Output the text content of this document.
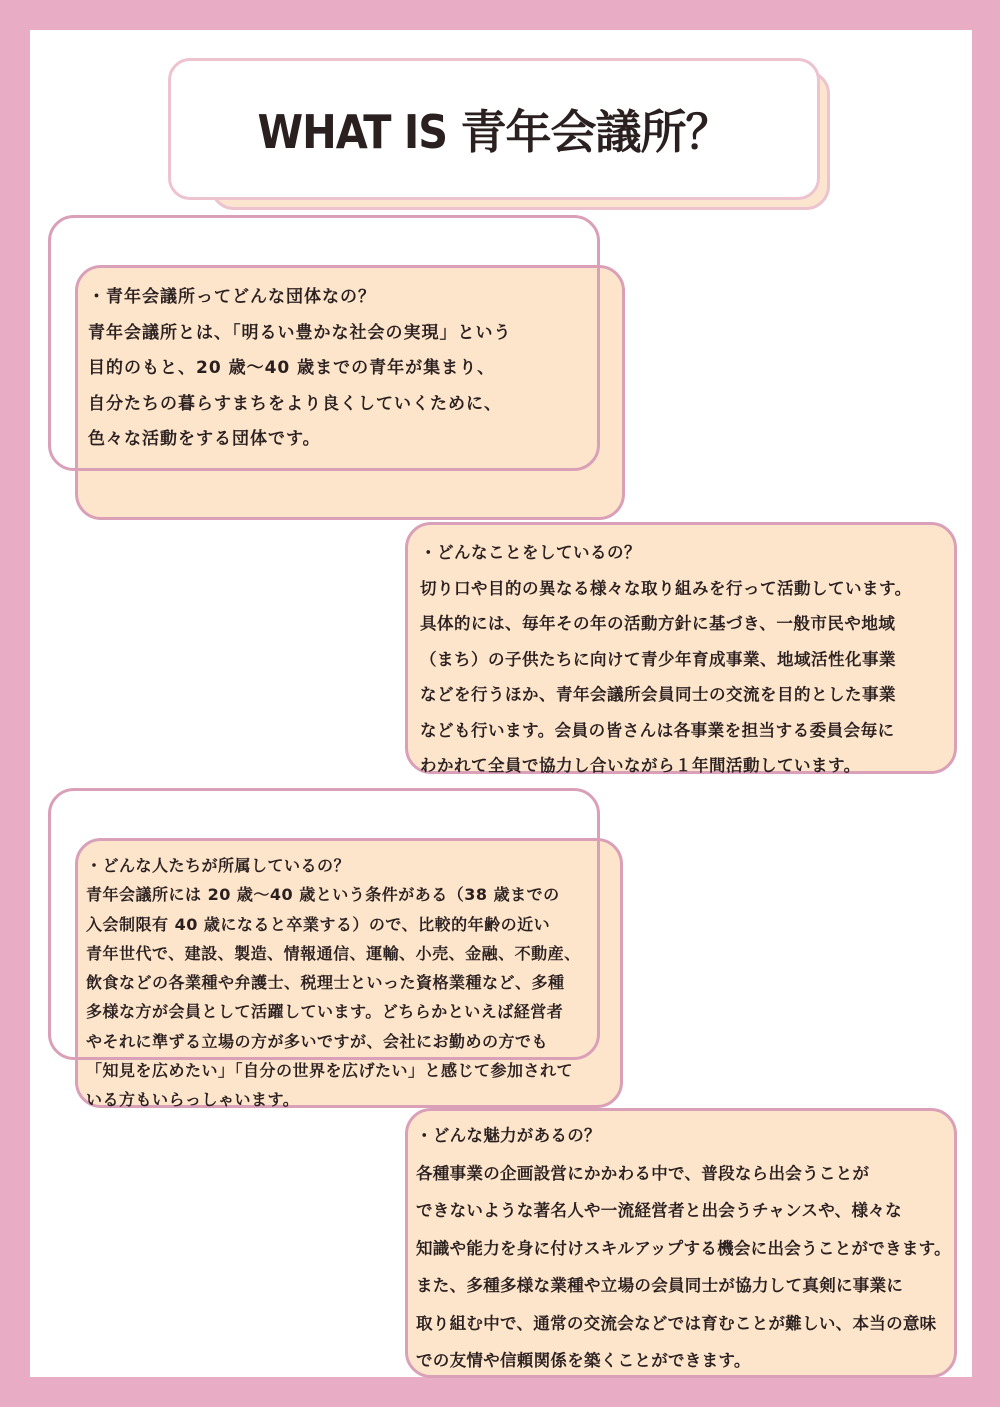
WHAT IS 青年会議所？
・青年会議所ってどんな団体なの？
青年会議所とは、「明るい豊かな社会の実現」という
目的のもと、20 歳～40 歳までの青年が集まり、
自分たちの暮らすまちをより良くしていくために、
色々な活動をする団体です。
・どんなことをしているの？
切り口や目的の異なる様々な取り組みを行って活動しています。
具体的には、毎年その年の活動方針に基づき、一般市民や地域
（まち）の子供たちに向けて青少年育成事業、地域活性化事業
などを行うほか、青年会議所会員同士の交流を目的とした事業
なども行います。会員の皆さんは各事業を担当する委員会毎に
わかれて全員で協力し合いながら１年間活動しています。
・どんな人たちが所属しているの？
青年会議所には 20 歳～40 歳という条件がある（38 歳までの
入会制限有 40 歳になると卒業する）ので、比較的年齢の近い
青年世代で、建設、製造、情報通信、運輸、小売、金融、不動産、
飲食などの各業種や弁護士、税理士といった資格業種など、多種
多様な方が会員として活躍しています。どちらかといえば経営者
やそれに準ずる立場の方が多いですが、会社にお勤めの方でも
「知見を広めたい」「自分の世界を広げたい」と感じて参加されて
いる方もいらっしゃいます。
・どんな魅力があるの？
各種事業の企画設営にかかわる中で、普段なら出会うことが
できないような著名人や一流経営者と出会うチャンスや、様々な
知識や能力を身に付けスキルアップする機会に出会うことができます。
また、多種多様な業種や立場の会員同士が協力して真剣に事業に
取り組む中で、通常の交流会などでは育むことが難しい、本当の意味
での友情や信頼関係を築くことができます。
